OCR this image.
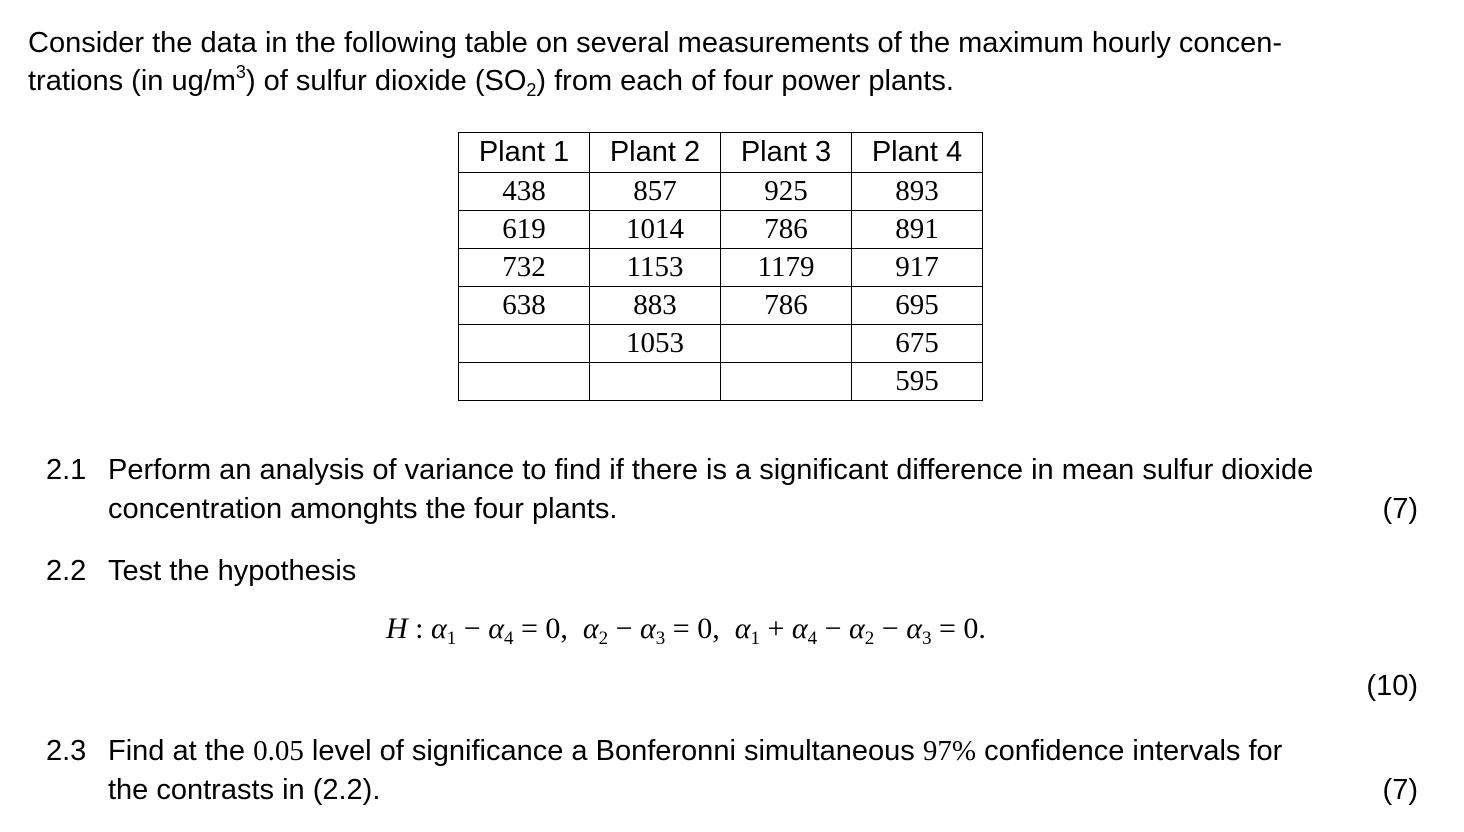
Consider the data in the following table on several measurements of the maximum hourly concen-
trations (in $ug/m^3$) of sulfur dioxide $(SO_2)$ from each of four power plants.
Plant 1	Plant 2	Plant 3	Plant 4
438	857	925	893
619	1014	786	891
732	1153	1179	917
638	883	786	695
	1053		675
			595
2.1 Perform an analysis of variance to find if there is a significant difference in mean sulfur dioxide
concentration amonghts the four plants.	(7)
2.2 Test the hypothesis
H : $\alpha_1 - \alpha_4 = 0$,  $\alpha_2 - \alpha_3 = 0$,  $\alpha_1 + \alpha_4 - \alpha_2 - \alpha_3 = 0$.
(10)
2.3 Find at the 0.05 level of significance a Bonferonni simultaneous 97% confidence intervals for
the contrasts in (2.2).	(7)
